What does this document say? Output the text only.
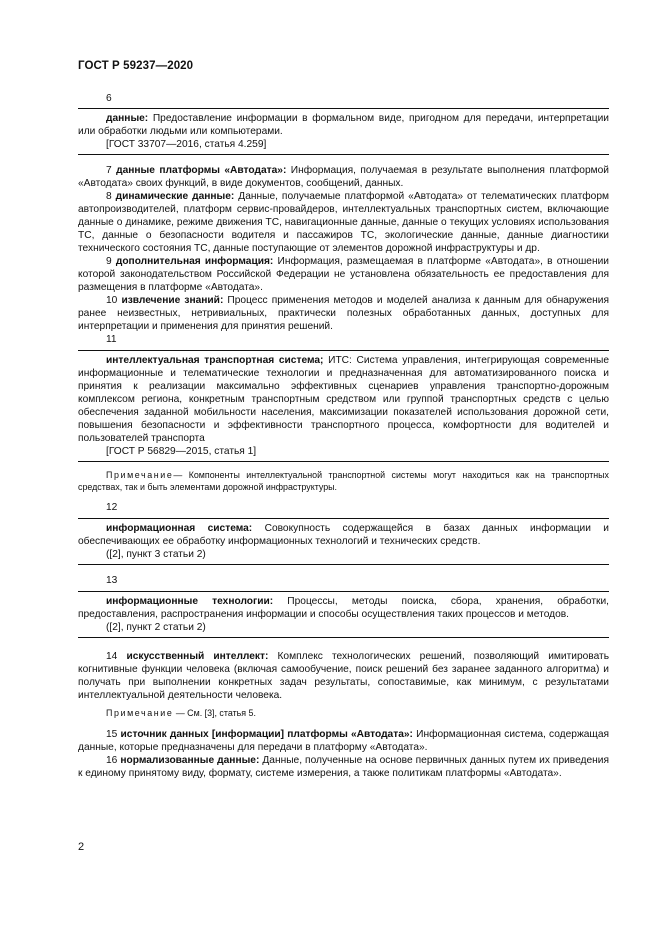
ГОСТ Р 59237—2020
6

данные: Предоставление информации в формальном виде, пригодном для передачи, интерпретации или обработки людьми или компьютерами.

[ГОСТ 33707—2016, статья 4.259]

7 данные платформы «Автодата»: Информация, получаемая в результате выполнения платформой «Автодата» своих функций, в виде документов, сообщений, данных.

8 динамические данные: Данные, получаемые платформой «Автодата» от телематических платформ автопроизводителей, платформ сервис-провайдеров, интеллектуальных транспортных систем, включающие данные о динамике, режиме движения ТС, навигационные данные, данные о текущих условиях использования ТС, данные о безопасности водителя и пассажиров ТС, экологические данные, данные диагностики технического состояния ТС, данные поступающие от элементов дорожной инфраструктуры и др.

9 дополнительная информация: Информация, размещаемая в платформе «Автодата», в отношении которой законодательством Российской Федерации не установлена обязательность ее предоставления для размещения в платформе «Автодата».

10 извлечение знаний: Процесс применения методов и моделей анализа к данным для обнаружения ранее неизвестных, нетривиальных, практически полезных обработанных данных, доступных для интерпретации и применения для принятия решений.

11

интеллектуальная транспортная система; ИТС: Система управления, интегрирующая современные информационные и телематические технологии и предназначенная для автоматизированного поиска и принятия к реализации максимально эффективных сценариев управления транспортно-дорожным комплексом региона, конкретным транспортным средством или группой транспортных средств с целью обеспечения заданной мобильности населения, максимизации показателей использования дорожной сети, повышения безопасности и эффективности транспортного процесса, комфортности для водителей и пользователей транспорта

[ГОСТ Р 56829—2015, статья 1]

Примечание— Компоненты интеллектуальной транспортной системы могут находиться как на транспортных средствах, так и быть элементами дорожной инфраструктуры.

12

информационная система: Совокупность содержащейся в базах данных информации и обеспечивающих ее обработку информационных технологий и технических средств.

([2], пункт 3 статьи 2)

13

информационные технологии: Процессы, методы поиска, сбора, хранения, обработки, предоставления, распространения информации и способы осуществления таких процессов и методов.

([2], пункт 2 статьи 2)

14 искусственный интеллект: Комплекс технологических решений, позволяющий имитировать когнитивные функции человека (включая самообучение, поиск решений без заранее заданного алгоритма) и получать при выполнении конкретных задач результаты, сопоставимые, как минимум, с результатами интеллектуальной деятельности человека.

Примечание — См. [3], статья 5.

15 источник данных [информации] платформы «Автодата»: Информационная система, содержащая данные, которые предназначены для передачи в платформу «Автодата».

16 нормализованные данные: Данные, полученные на основе первичных данных путем их приведения к единому принятому виду, формату, системе измерения, а также политикам платформы «Автодата».

2
